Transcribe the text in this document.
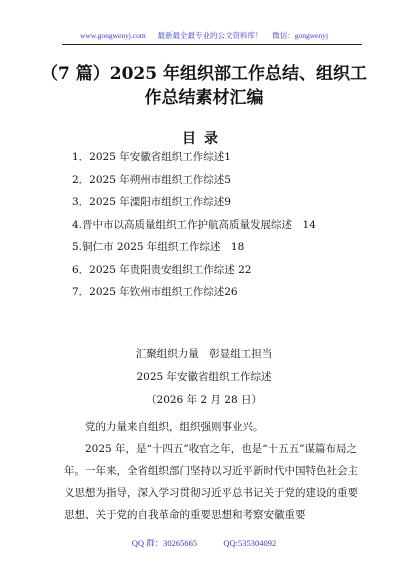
www.gongwenyj.com 最新最全最专业的公文资料库！ 微信：gongwenyj
（7 篇）2025 年组织部工作总结、组织工
作总结素材汇编
目录
1．2025 年安徽省组织工作综述1
2．2025 年朔州市组织工作综述5
3．2025 年溧阳市组织工作综述9
4.晋中市以高质量组织工作护航高质量发展综述　14
5.铜仁市 2025 年组织工作综述　18
6．2025 年贵阳贵安组织工作综述 22
7．2025 年钦州市组织工作综述26
汇聚组织力量　彰显组工担当
2025 年安徽省组织工作综述
（2026 年 2 月 28 日）

党的力量来自组织，组织强则事业兴。

2025 年，是“十四五”收官之年，也是“十五五”谋篇布局之年。一年来，全省组织部门坚持以习近平新时代中国特色社会主义思想为指导，深入学习贯彻习近平总书记关于党的建设的重要思想、关于党的自我革命的重要思想和考察安徽重要

QQ 群：30265665	QQ:535304092
